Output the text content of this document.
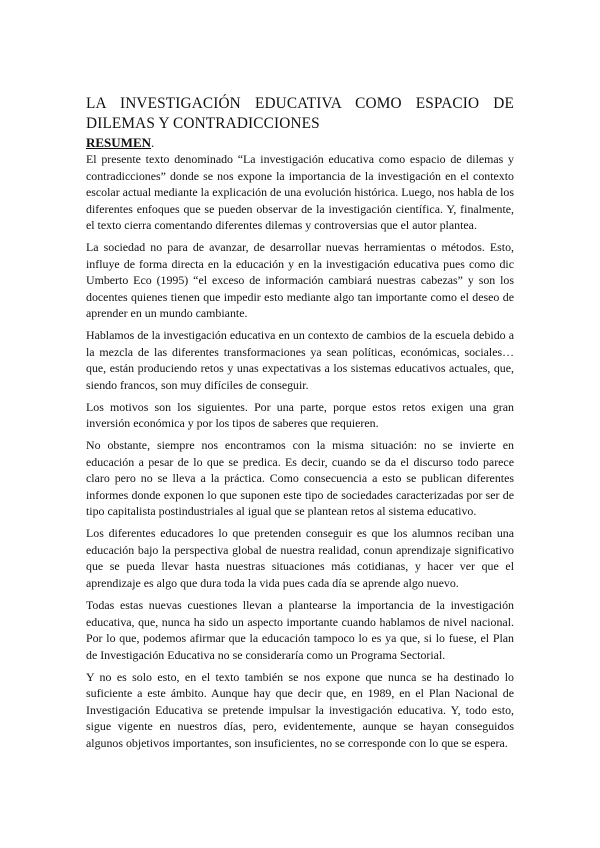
LA INVESTIGACIÓN EDUCATIVA COMO ESPACIO DE DILEMAS Y CONTRADICCIONES
RESUMEN.

El presente texto denominado “La investigación educativa como espacio de dilemas y contradicciones” donde se nos expone la importancia de la investigación en el contexto escolar actual mediante la explicación de una evolución histórica. Luego, nos habla de los diferentes enfoques que se pueden observar de la investigación científica. Y, finalmente, el texto cierra comentando diferentes dilemas y controversias que el autor plantea.

La sociedad no para de avanzar, de desarrollar nuevas herramientas o métodos. Esto, influye de forma directa en la educación y en la investigación educativa pues como dic Umberto Eco (1995) “el exceso de información cambiará nuestras cabezas” y son los docentes quienes tienen que impedir esto mediante algo tan importante como el deseo de aprender en un mundo cambiante.

Hablamos de la investigación educativa en un contexto de cambios de la escuela debido a la mezcla de las diferentes transformaciones ya sean políticas, económicas, sociales… que, están produciendo retos y unas expectativas a los sistemas educativos actuales, que, siendo francos, son muy difíciles de conseguir.

Los motivos son los siguientes. Por una parte, porque estos retos exigen una gran inversión económica y por los tipos de saberes que requieren.

No obstante, siempre nos encontramos con la misma situación: no se invierte en educación a pesar de lo que se predica. Es decir, cuando se da el discurso todo parece claro pero no se lleva a la práctica. Como consecuencia a esto se publican diferentes informes donde exponen lo que suponen este tipo de sociedades caracterizadas por ser de tipo capitalista postindustriales al igual que se plantean retos al sistema educativo.

Los diferentes educadores lo que pretenden conseguir es que los alumnos reciban una educación bajo la perspectiva global de nuestra realidad, conun aprendizaje significativo que se pueda llevar hasta nuestras situaciones más cotidianas, y hacer ver que el aprendizaje es algo que dura toda la vida pues cada día se aprende algo nuevo.

Todas estas nuevas cuestiones llevan a plantearse la importancia de la investigación educativa, que, nunca ha sido un aspecto importante cuando hablamos de nivel nacional. Por lo que, podemos afirmar que la educación tampoco lo es ya que, si lo fuese, el Plan de Investigación Educativa no se consideraría como un Programa Sectorial.

Y no es solo esto, en el texto también se nos expone que nunca se ha destinado lo suficiente a este ámbito. Aunque hay que decir que, en 1989, en el Plan Nacional de Investigación Educativa se pretende impulsar la investigación educativa. Y, todo esto, sigue vigente en nuestros días, pero, evidentemente, aunque se hayan conseguidos algunos objetivos importantes, son insuficientes, no se corresponde con lo que se espera.
